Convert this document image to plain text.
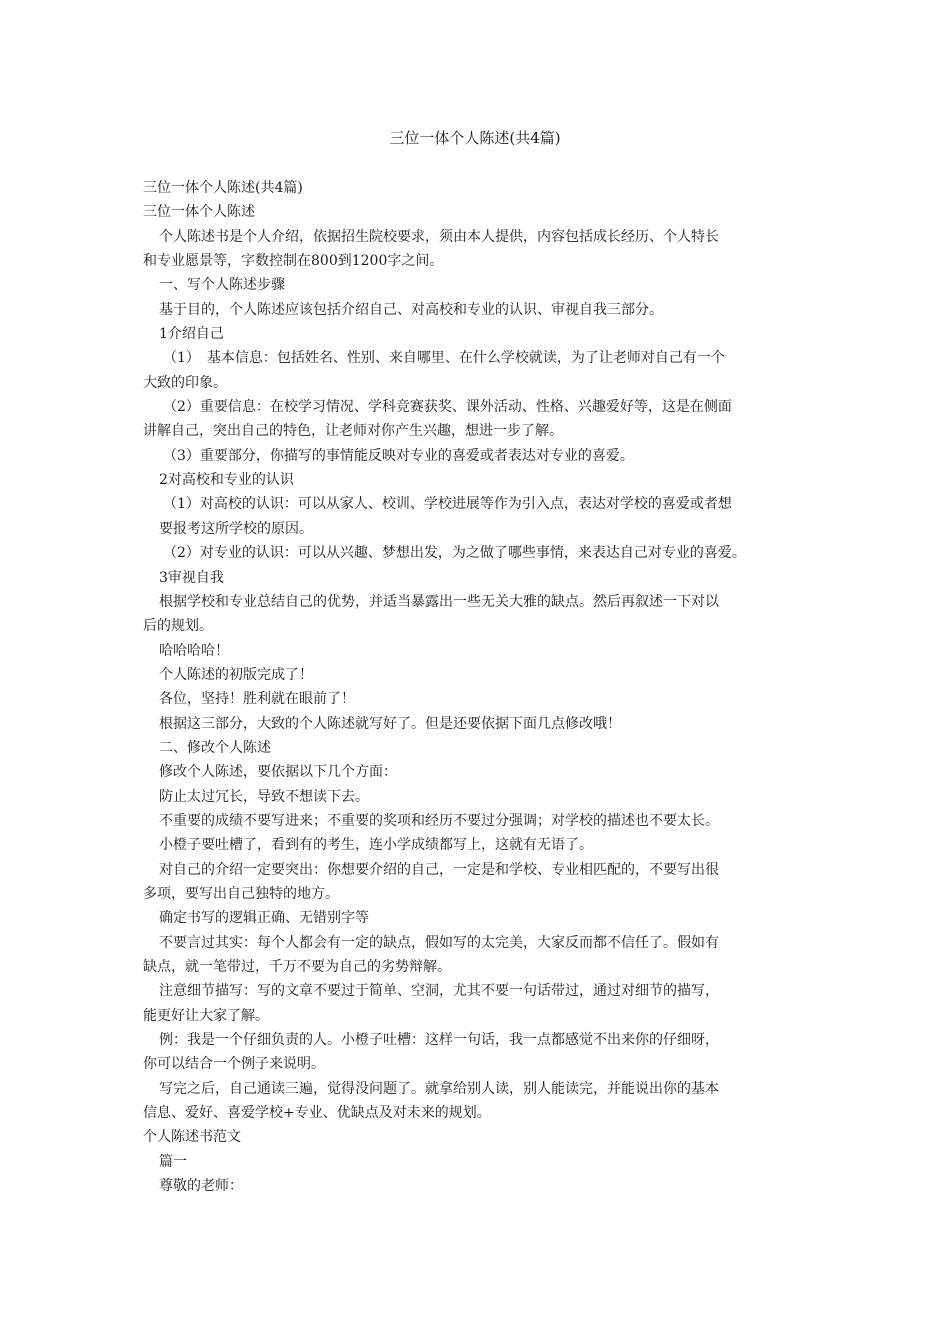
三位一体个人陈述(共4篇)
三位一体个人陈述(共4篇)
三位一体个人陈述
个人陈述书是个人介绍，依据招生院校要求，须由本人提供，内容包括成长经历、个人特长
和专业愿景等，字数控制在800到1200字之间。
一、写个人陈述步骤
基于目的，个人陈述应该包括介绍自己、对高校和专业的认识、审视自我三部分。
1介绍自己
（1）　基本信息：包括姓名、性别、来自哪里、在什么学校就读，为了让老师对自己有一个
大致的印象。
（2）重要信息：在校学习情况、学科竞赛获奖、课外活动、性格、兴趣爱好等，这是在侧面
讲解自己，突出自己的特色，让老师对你产生兴趣，想进一步了解。
（3）重要部分，你描写的事情能反映对专业的喜爱或者表达对专业的喜爱。
2对高校和专业的认识
（1）对高校的认识：可以从家人、校训、学校进展等作为引入点，表达对学校的喜爱或者想
要报考这所学校的原因。
（2）对专业的认识：可以从兴趣、梦想出发，为之做了哪些事情，来表达自己对专业的喜爱。
3审视自我
根据学校和专业总结自己的优势，并适当暴露出一些无关大雅的缺点。然后再叙述一下对以
后的规划。
哈哈哈哈！
个人陈述的初版完成了！
各位，坚持！胜利就在眼前了！
根据这三部分，大致的个人陈述就写好了。但是还要依据下面几点修改哦！
二、修改个人陈述
修改个人陈述，要依据以下几个方面：
防止太过冗长，导致不想读下去。
不重要的成绩不要写进来；不重要的奖项和经历不要过分强调；对学校的描述也不要太长。
小橙子要吐槽了，看到有的考生，连小学成绩都写上，这就有无语了。
对自己的介绍一定要突出：你想要介绍的自己，一定是和学校、专业相匹配的，不要写出很
多项，要写出自己独特的地方。
确定书写的逻辑正确、无错别字等
不要言过其实：每个人都会有一定的缺点，假如写的太完美，大家反而都不信任了。假如有
缺点，就一笔带过，千万不要为自己的劣势辩解。
注意细节描写：写的文章不要过于简单、空洞，尤其不要一句话带过，通过对细节的描写，
能更好让大家了解。
例：我是一个仔细负责的人。小橙子吐槽：这样一句话，我一点都感觉不出来你的仔细呀，
你可以结合一个例子来说明。
写完之后，自己通读三遍，觉得没问题了。就拿给别人读，别人能读完，并能说出你的基本
信息、爱好、喜爱学校+专业、优缺点及对未来的规划。
个人陈述书范文
篇一
尊敬的老师：
